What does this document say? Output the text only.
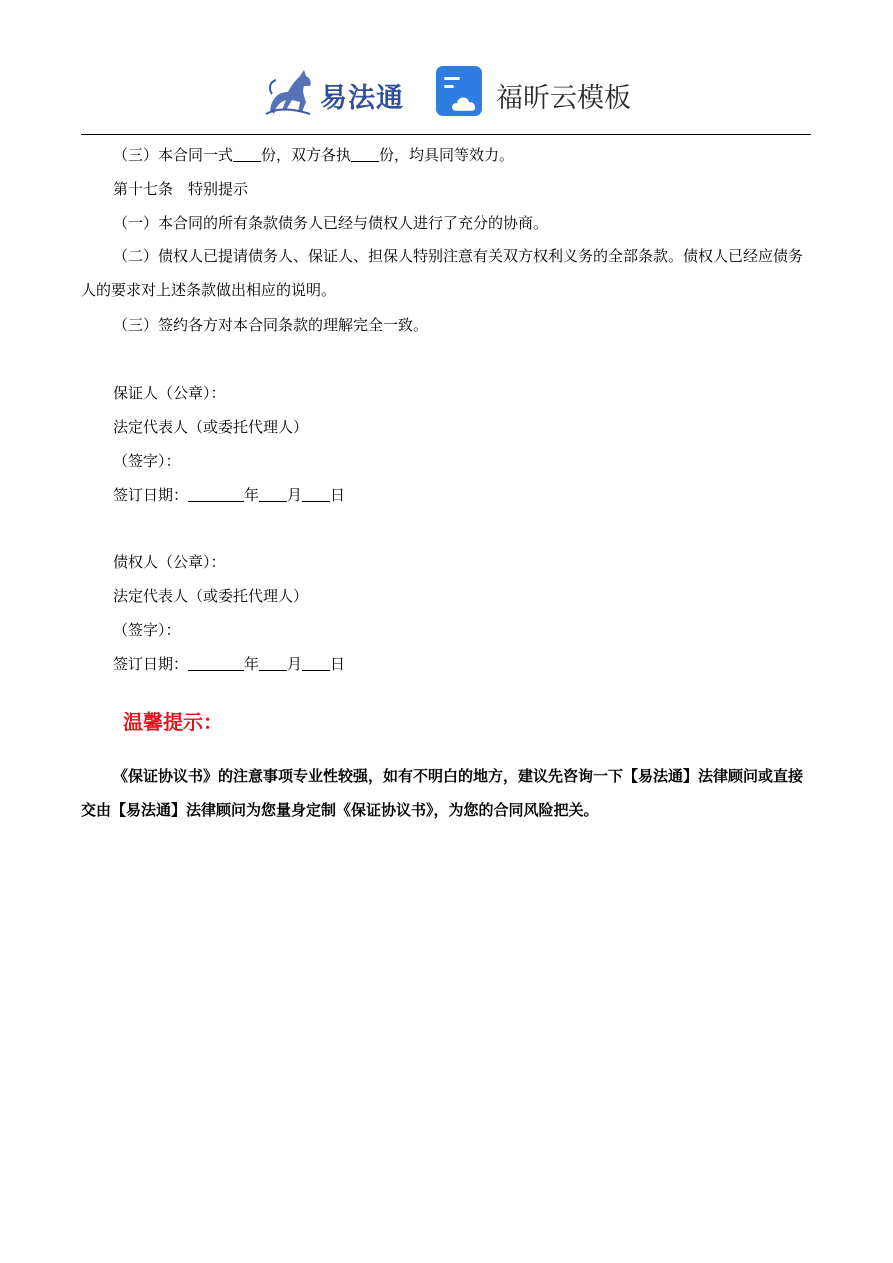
易法通	福昕云模板
（三）本合同一式 份，双方各执 份，均具同等效力。
第十七条　特别提示
（一）本合同的所有条款债务人已经与债权人进行了充分的协商。
（二）债权人已提请债务人、保证人、担保人特别注意有关双方权利义务的全部条款。债权人已经应债务人的要求对上述条款做出相应的说明。
（三）签约各方对本合同条款的理解完全一致。
保证人（公章）：
法定代表人（或委托代理人）
（签字）：
签订日期：	年 月 日
债权人（公章）：
法定代表人（或委托代理人）
（签字）：
签订日期：	年 月 日
温馨提示：
《保证协议书》的注意事项专业性较强，如有不明白的地方，建议先咨询一下【易法通】法律顾问或直接交由【易法通】法律顾问为您量身定制《保证协议书》，为您的合同风险把关。
